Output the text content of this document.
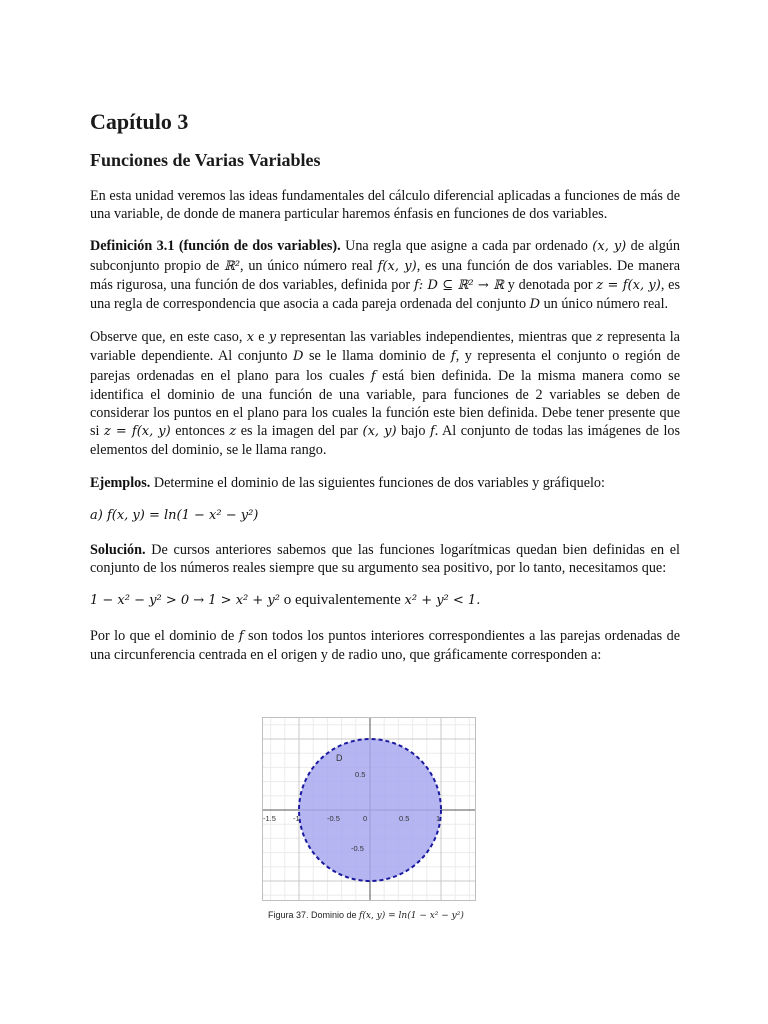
Capítulo 3
Funciones de Varias Variables

En esta unidad veremos las ideas fundamentales del cálculo diferencial aplicadas a funciones de más de una variable, de donde de manera particular haremos énfasis en funciones de dos variables.

Definición 3.1 (función de dos variables). Una regla que asigne a cada par ordenado (x, y) de algún subconjunto propio de ℝ², un único número real f(x, y), es una función de dos variables. De manera más rigurosa, una función de dos variables, definida por f: D ⊆ ℝ² → ℝ y denotada por z = f(x, y), es una regla de correspondencia que asocia a cada pareja ordenada del conjunto D un único número real.

Observe que, en este caso, x e y representan las variables independientes, mientras que z representa la variable dependiente. Al conjunto D se le llama dominio de f, y representa el conjunto o región de parejas ordenadas en el plano para los cuales f está bien definida. De la misma manera como se identifica el dominio de una función de una variable, para funciones de 2 variables se deben de considerar los puntos en el plano para los cuales la función este bien definida. Debe tener presente que si z = f(x, y) entonces z es la imagen del par (x, y) bajo f. Al conjunto de todas las imágenes de los elementos del dominio, se le llama rango.

Ejemplos. Determine el dominio de las siguientes funciones de dos variables y gráfiquelo:

a) f(x, y) = ln(1 − x² − y²)

Solución. De cursos anteriores sabemos que las funciones logarítmicas quedan bien definidas en el conjunto de los números reales siempre que su argumento sea positivo, por lo tanto, necesitamos que:

1 − x² − y² > 0 → 1 > x² + y² o equivalentemente x² + y² < 1.

Por lo que el dominio de f son todos los puntos interiores correspondientes a las parejas ordenadas de una circunferencia centrada en el origen y de radio uno, que gráficamente corresponden a:

D
-1.5 -1	-0.5	0	0.5	1
0.5
-0.5
Figura 37. Dominio de f(x, y) = ln(1 − x² − y²)
